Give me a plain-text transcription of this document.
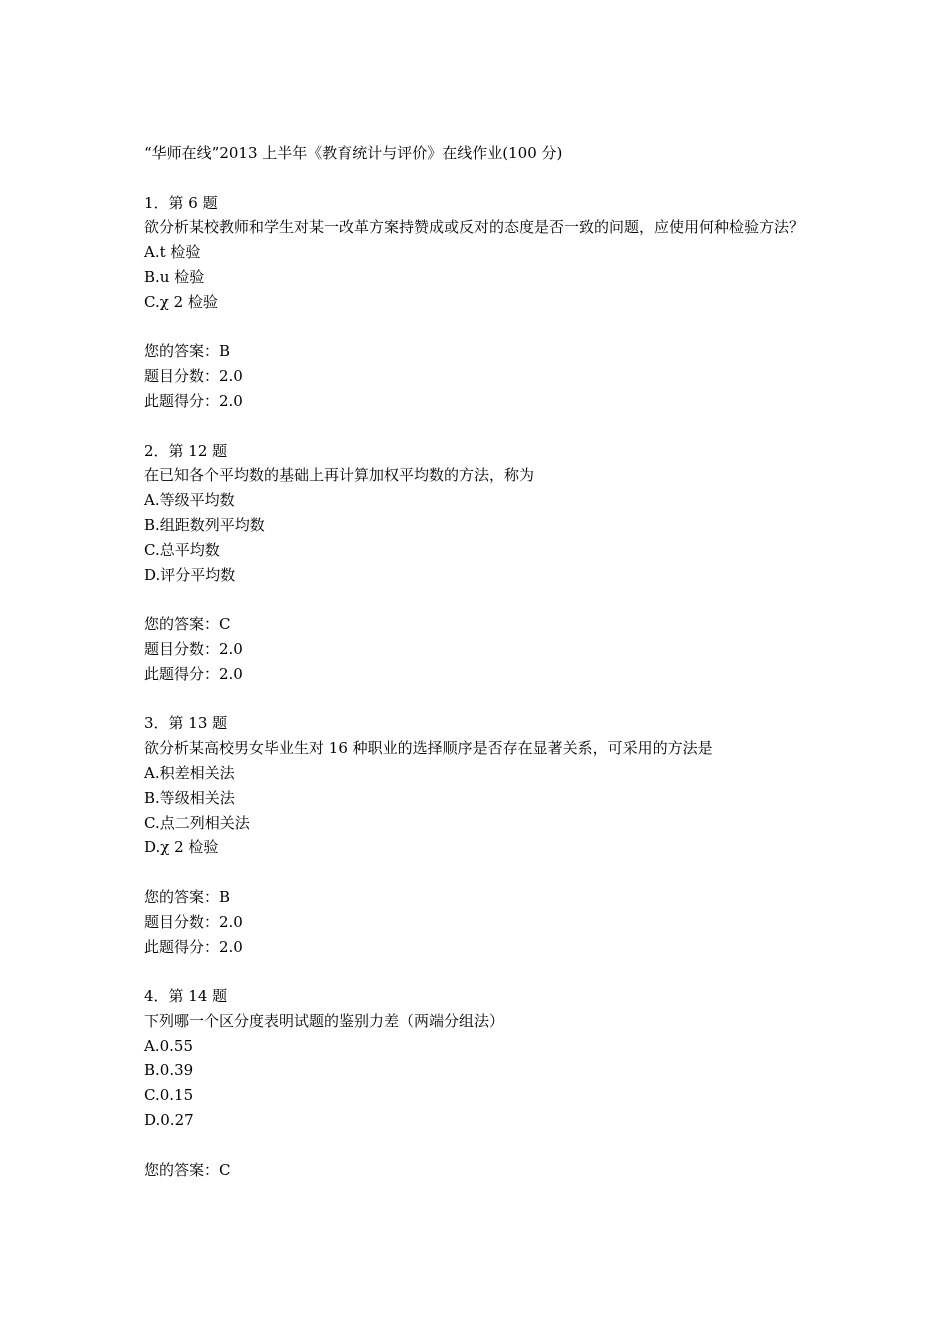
“华师在线”2013 上半年《教育统计与评价》在线作业(100 分)
1．第 6 题
欲分析某校教师和学生对某一改革方案持赞成或反对的态度是否一致的问题，应使用何种检验方法？
A.t 检验
B.u 检验
C.χ 2 检验
您的答案：B
题目分数：2.0
此题得分：2.0
2．第 12 题
在已知各个平均数的基础上再计算加权平均数的方法，称为
A.等级平均数
B.组距数列平均数
C.总平均数
D.评分平均数
您的答案：C
题目分数：2.0
此题得分：2.0
3．第 13 题
欲分析某高校男女毕业生对 16 种职业的选择顺序是否存在显著关系，可采用的方法是
A.积差相关法
B.等级相关法
C.点二列相关法
D.χ 2 检验
您的答案：B
题目分数：2.0
此题得分：2.0
4．第 14 题
下列哪一个区分度表明试题的鉴别力差（两端分组法）
A.0.55
B.0.39
C.0.15
D.0.27
您的答案：C
